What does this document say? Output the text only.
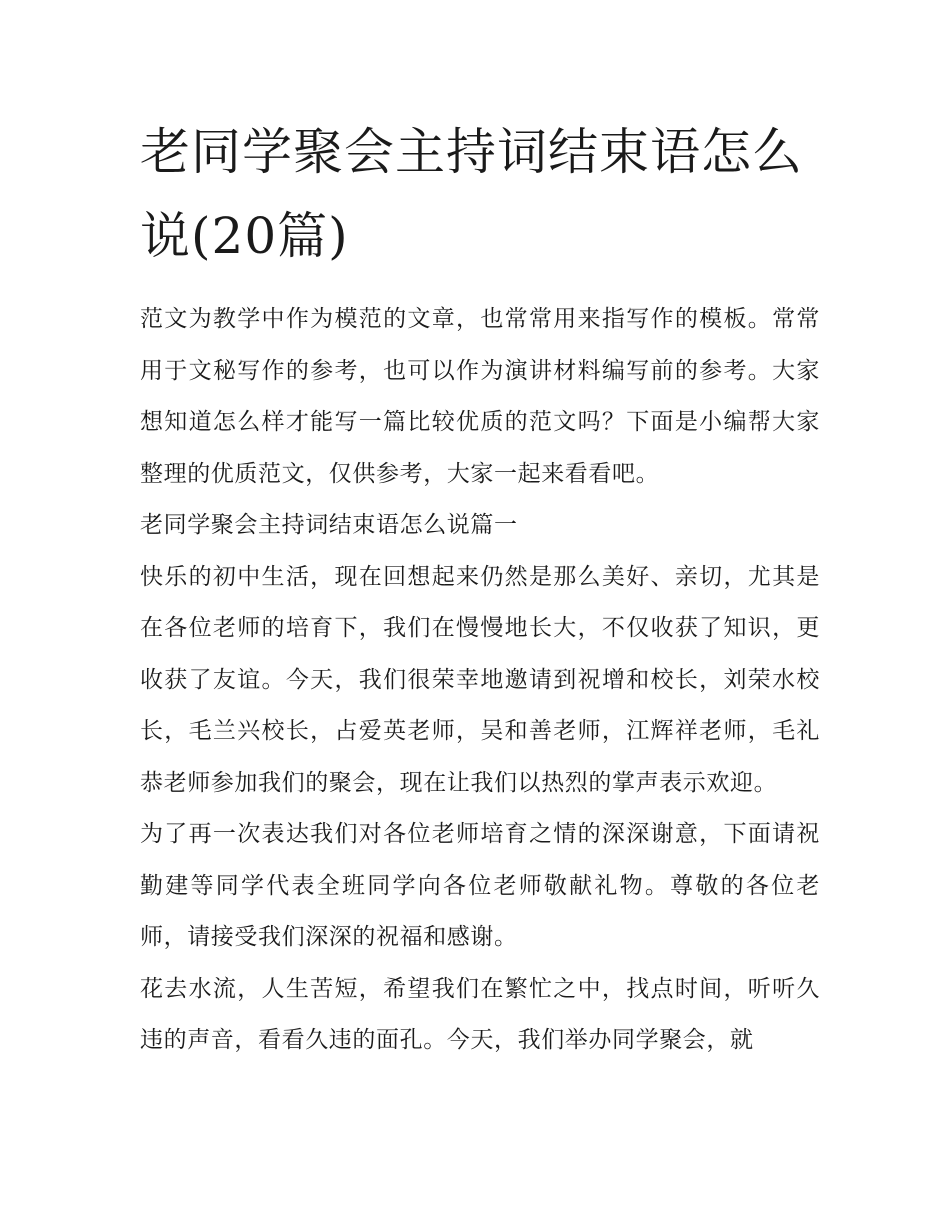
老同学聚会主持词结束语怎么说(20篇)

范文为教学中作为模范的文章，也常常用来指写作的模板。常常用于文秘写作的参考，也可以作为演讲材料编写前的参考。大家想知道怎么样才能写一篇比较优质的范文吗？下面是小编帮大家整理的优质范文，仅供参考，大家一起来看看吧。

老同学聚会主持词结束语怎么说篇一

快乐的初中生活，现在回想起来仍然是那么美好、亲切，尤其是在各位老师的培育下，我们在慢慢地长大，不仅收获了知识，更收获了友谊。今天，我们很荣幸地邀请到祝增和校长，刘荣水校长，毛兰兴校长，占爱英老师，吴和善老师，江辉祥老师，毛礼恭老师参加我们的聚会，现在让我们以热烈的掌声表示欢迎。

为了再一次表达我们对各位老师培育之情的深深谢意，下面请祝勤建等同学代表全班同学向各位老师敬献礼物。尊敬的各位老师，请接受我们深深的祝福和感谢。

花去水流，人生苦短，希望我们在繁忙之中，找点时间，听听久违的声音，看看久违的面孔。今天，我们举办同学聚会，就
